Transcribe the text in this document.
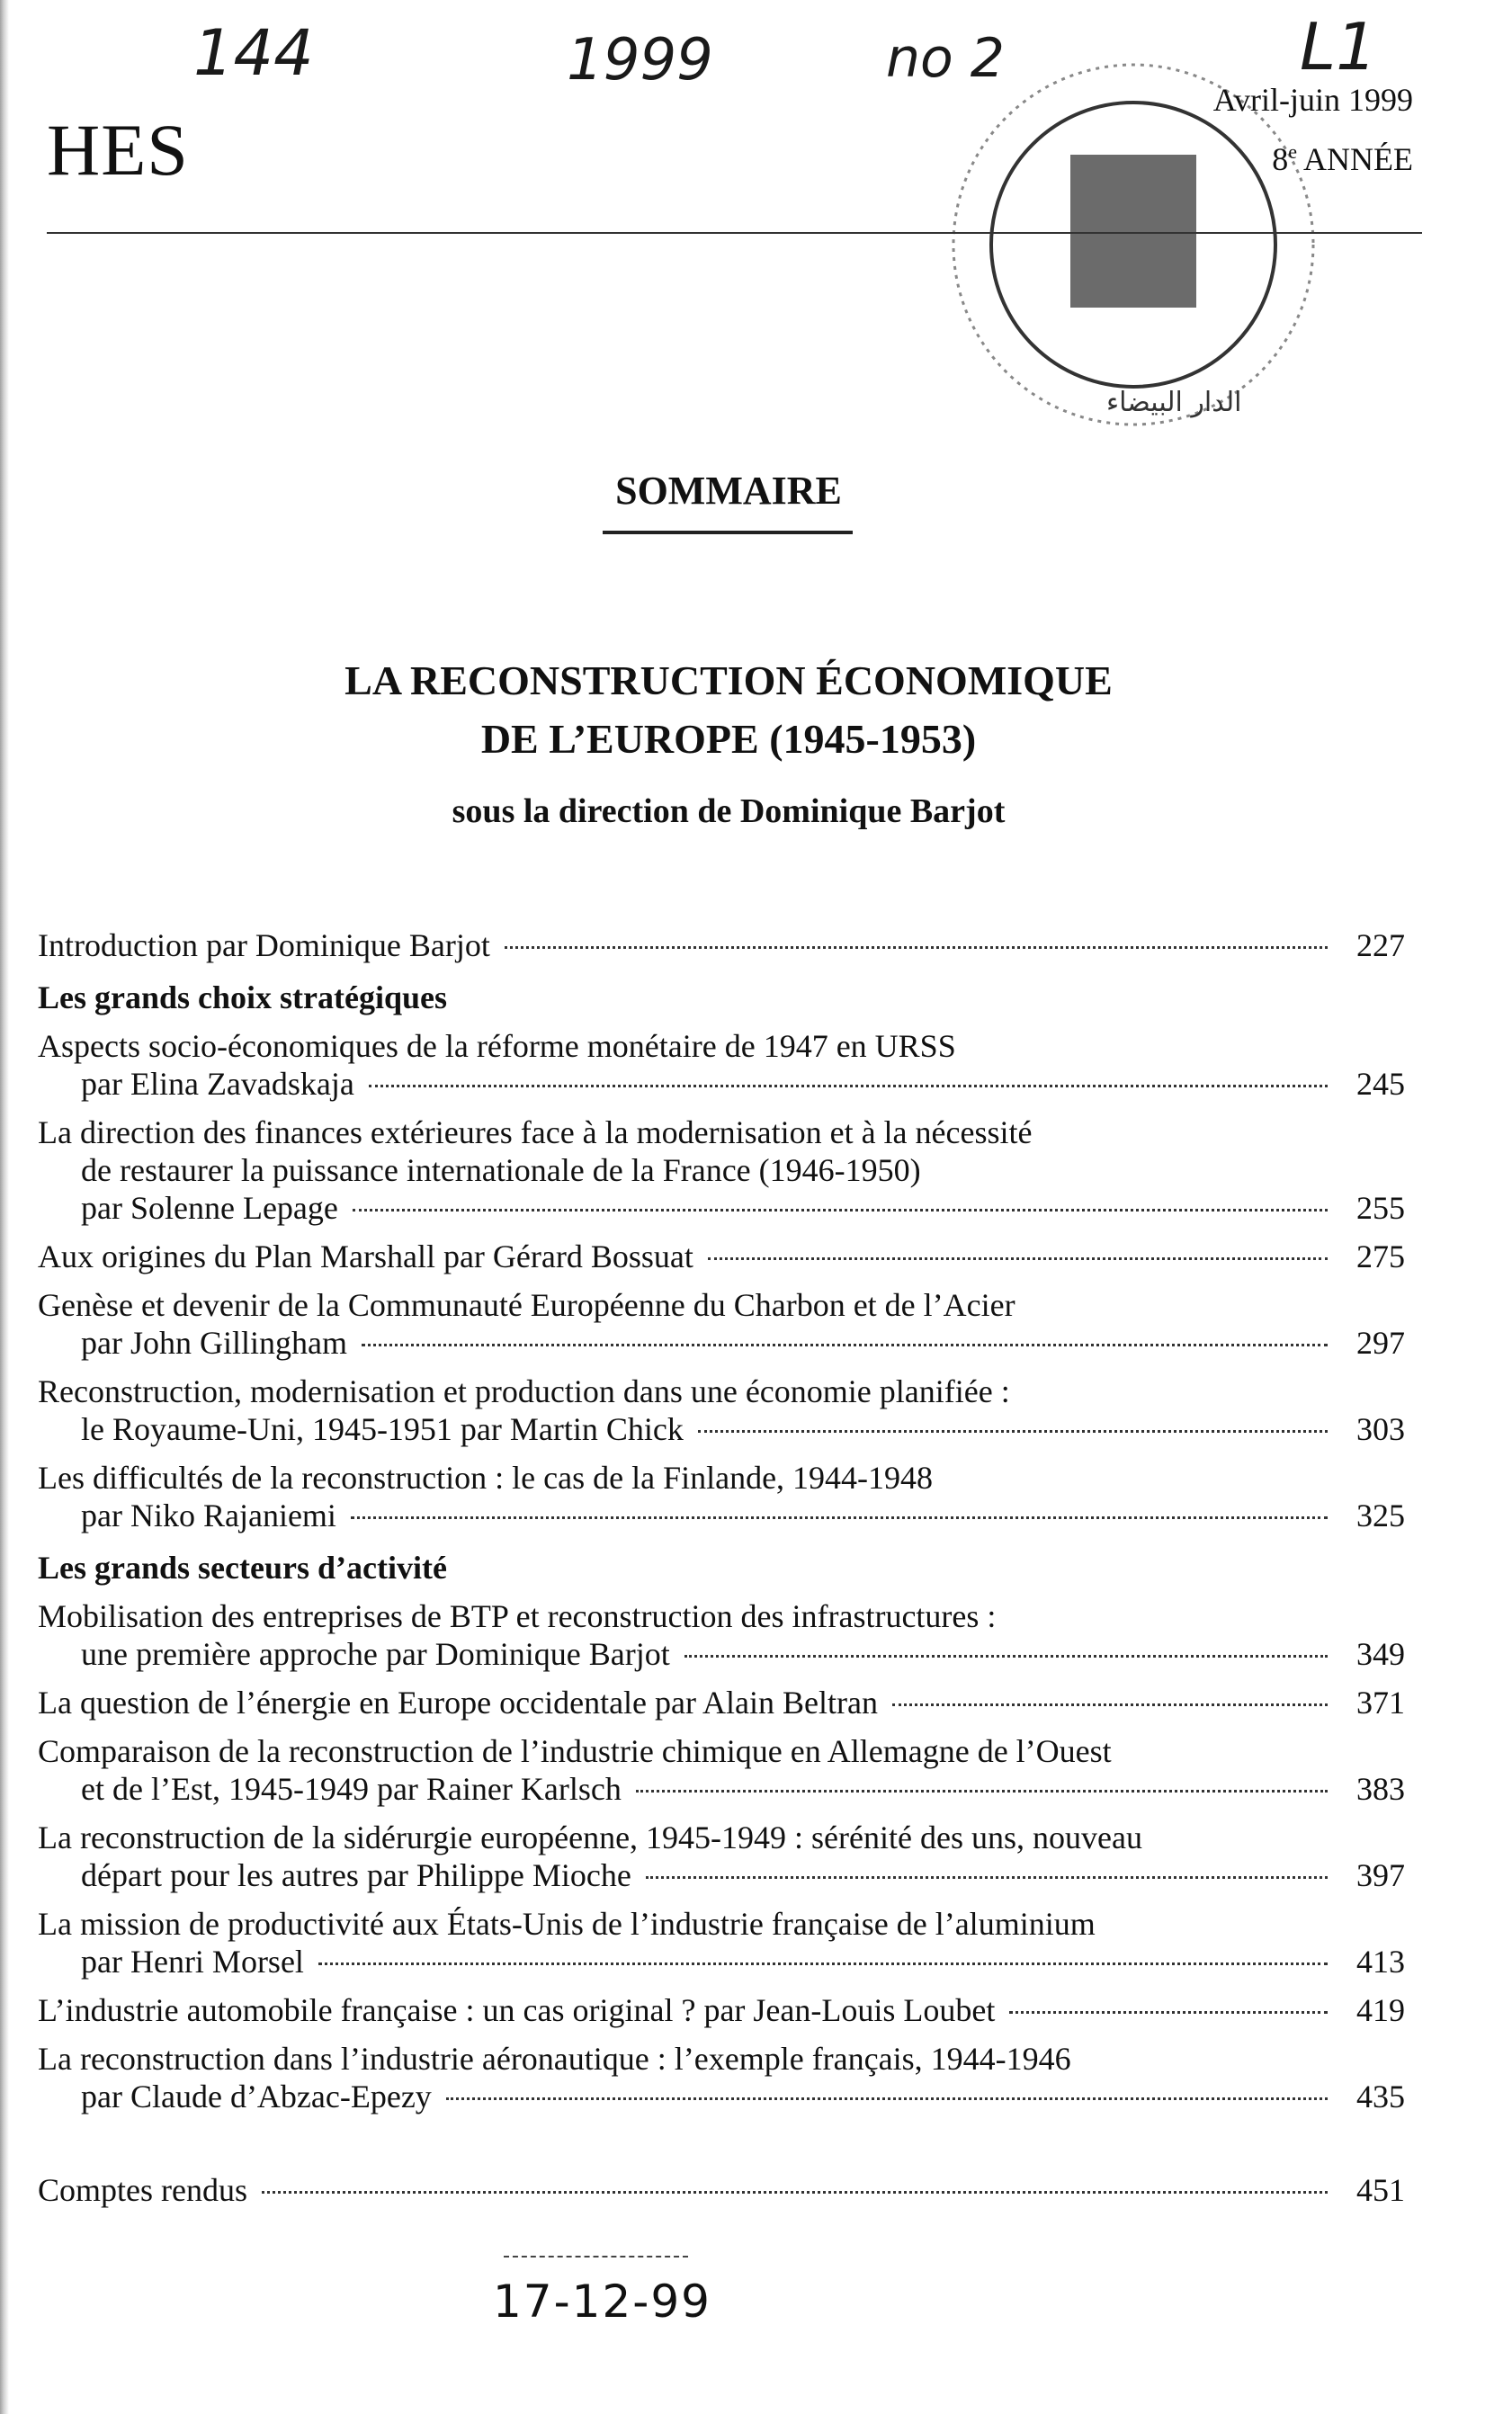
144	1999	no 2	L1
HES
الدار البيضاء
Avril-juin 1999
8e ANNÉE
SOMMAIRE
LA RECONSTRUCTION ÉCONOMIQUE
DE L’EUROPE (1945-1953)
sous la direction de Dominique Barjot
Introduction par Dominique Barjot	227
Les grands choix stratégiques
Aspects socio-économiques de la réforme monétaire de 1947 en URSS
par Elina Zavadskaja	245
La direction des finances extérieures face à la modernisation et à la nécessité
de restaurer la puissance internationale de la France (1946-1950)
par Solenne Lepage	255
Aux origines du Plan Marshall par Gérard Bossuat	275
Genèse et devenir de la Communauté Européenne du Charbon et de l’Acier
par John Gillingham	297
Reconstruction, modernisation et production dans une économie planifiée :
le Royaume-Uni, 1945-1951 par Martin Chick	303
Les difficultés de la reconstruction : le cas de la Finlande, 1944-1948
par Niko Rajaniemi	325
Les grands secteurs d’activité
Mobilisation des entreprises de BTP et reconstruction des infrastructures :
une première approche par Dominique Barjot	349
La question de l’énergie en Europe occidentale par Alain Beltran	371
Comparaison de la reconstruction de l’industrie chimique en Allemagne de l’Ouest
et de l’Est, 1945-1949 par Rainer Karlsch	383
La reconstruction de la sidérurgie européenne, 1945-1949 : sérénité des uns, nouveau
départ pour les autres par Philippe Mioche	397
La mission de productivité aux États-Unis de l’industrie française de l’aluminium
par Henri Morsel	413
L’industrie automobile française : un cas original ? par Jean-Louis Loubet	419
La reconstruction dans l’industrie aéronautique : l’exemple français, 1944-1946
par Claude d’Abzac-Epezy	435
Comptes rendus	451
17-12-99
